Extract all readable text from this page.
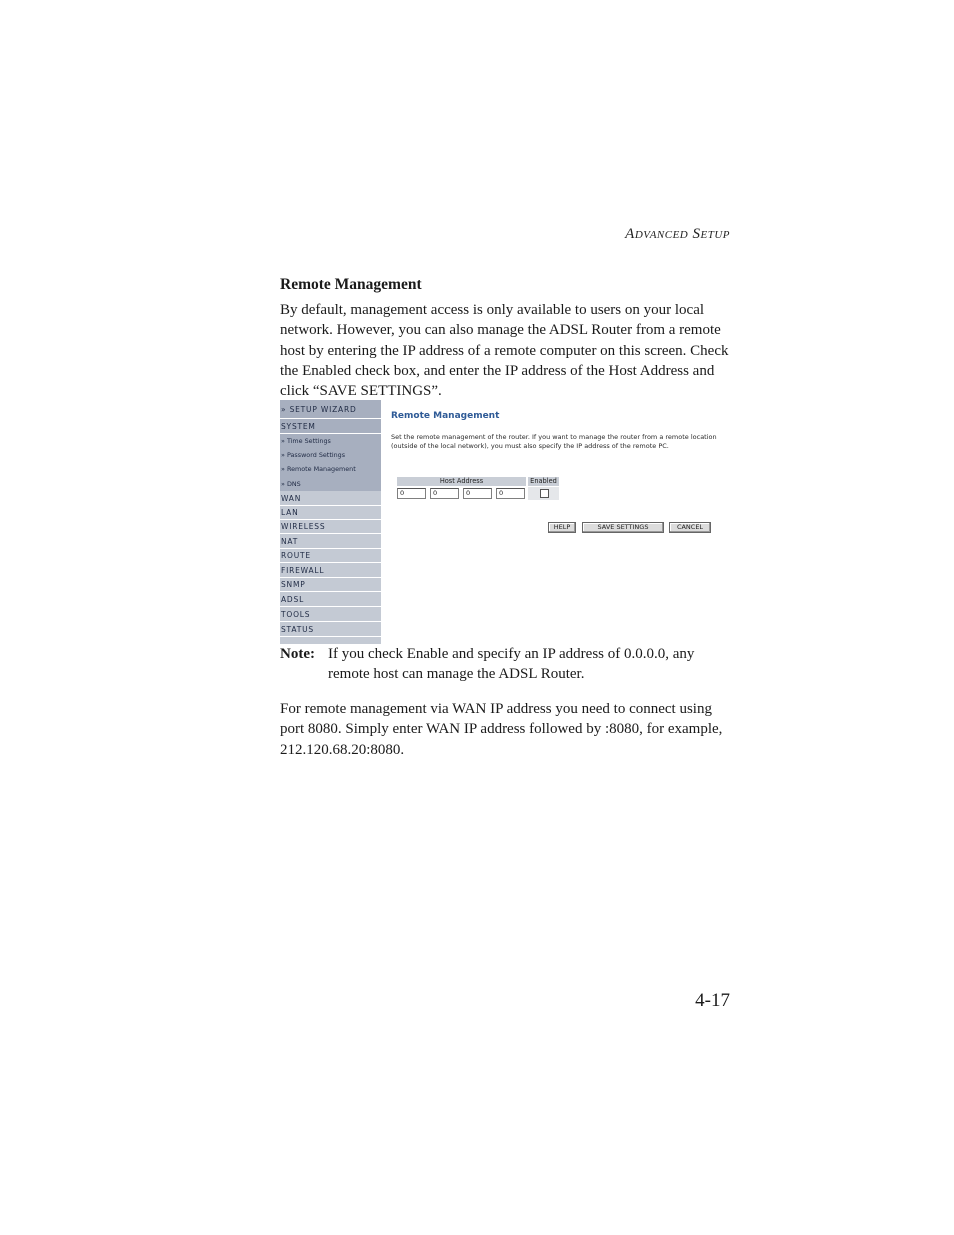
ADVANCED SETUP
Remote Management

By default, management access is only available to users on your local network. However, you can also manage the ADSL Router from a remote host by entering the IP address of a remote computer on this screen. Check the Enabled check box, and enter the IP address of the Host Address and click “SAVE SETTINGS”.

» SETUP WIZARD
SYSTEM
» Time Settings
» Password Settings
» Remote Management
» DNS
WAN
LAN
WIRELESS
NAT
ROUTE
FIREWALL
SNMP
ADSL
TOOLS
STATUS
Remote Management

Set the remote management of the router. If you want to manage the router from a remote location (outside of the local network), you must also specify the IP address of the remote PC.

Host Address	Enabled
0	0	0	0
HELP	SAVE SETTINGS	CANCEL
Note: If you check Enable and specify an IP address of 0.0.0.0, any remote host can manage the ADSL Router.

For remote management via WAN IP address you need to connect using port 8080. Simply enter WAN IP address followed by :8080, for example, 212.120.68.20:8080.

4-17
